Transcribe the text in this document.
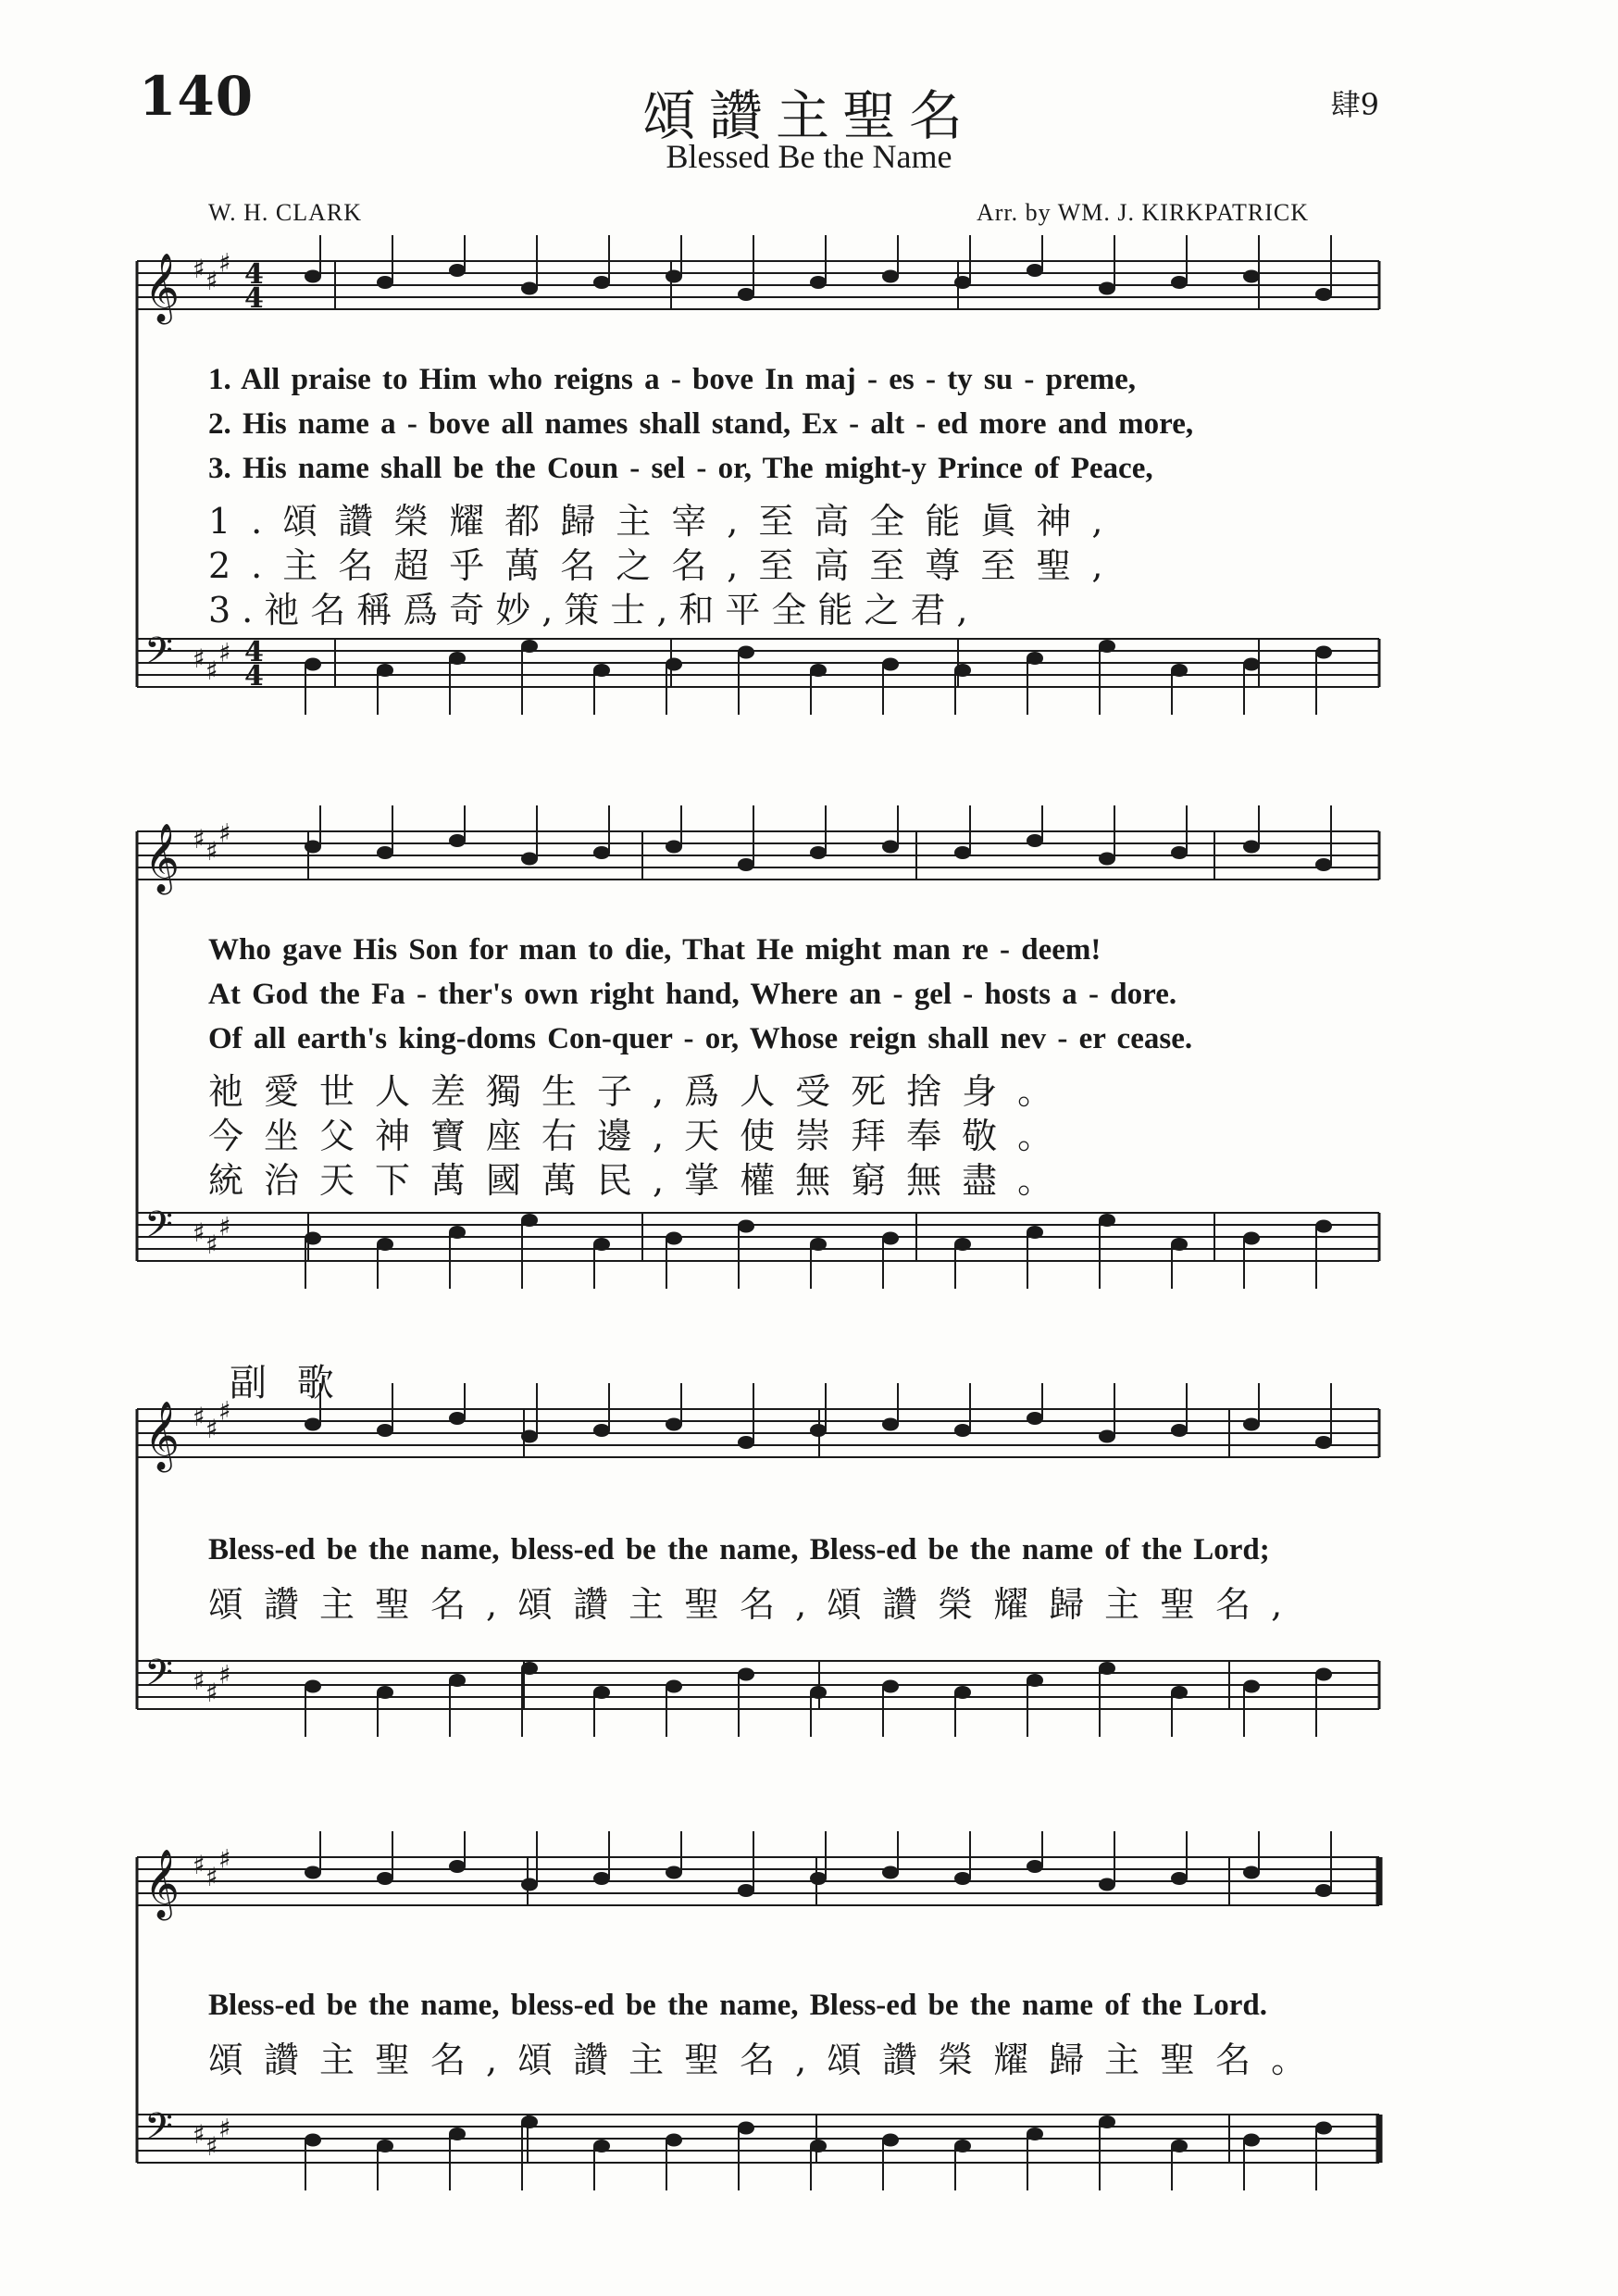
140	頌讚主聖名
Blessed Be the Name
肆9
W. H. CLARK	Arr. by WM. J. KIRKPATRICK
♯ ♯
♯
𝄞 4
4
♯ ♯
♯
𝄢	4
4
♯ ♯
♯
𝄞
♯ ♯
♯
𝄢
♯ ♯
♯
𝄞
♯ ♯
♯
𝄢
♯ ♯
♯
𝄞
♯ ♯
♯
𝄢
1. All praise to Him who reigns a - bove In maj - es - ty su - preme,
2. His name a - bove all names shall stand, Ex - alt - ed more and more,
3. His name shall be the Coun - sel - or, The might-y Prince of Peace,
1.頌讚榮耀都歸主宰,至高全能眞神,
2.主名超乎萬名之名,至高至尊至聖,
3.祂名稱爲奇妙,策士,和平全能之君,
Who gave His Son for man to die, That He might man re - deem!
At God the Fa - ther's own right hand, Where an - gel - hosts a - dore.
Of all earth's king-doms Con-quer - or, Whose reign shall nev - er cease.
祂愛世人差獨生子,爲人受死捨身。
今坐父神寶座右邊,天使崇拜奉敬。
統治天下萬國萬民,掌權無窮無盡。
副 歌
Bless-ed be the name, bless-ed be the name, Bless-ed be the name of the Lord;
頌讚主聖名,頌讚主聖名,頌讚榮耀歸主聖名,
Bless-ed be the name, bless-ed be the name, Bless-ed be the name of the Lord.
頌讚主聖名,頌讚主聖名,頌讚榮耀歸主聖名。
